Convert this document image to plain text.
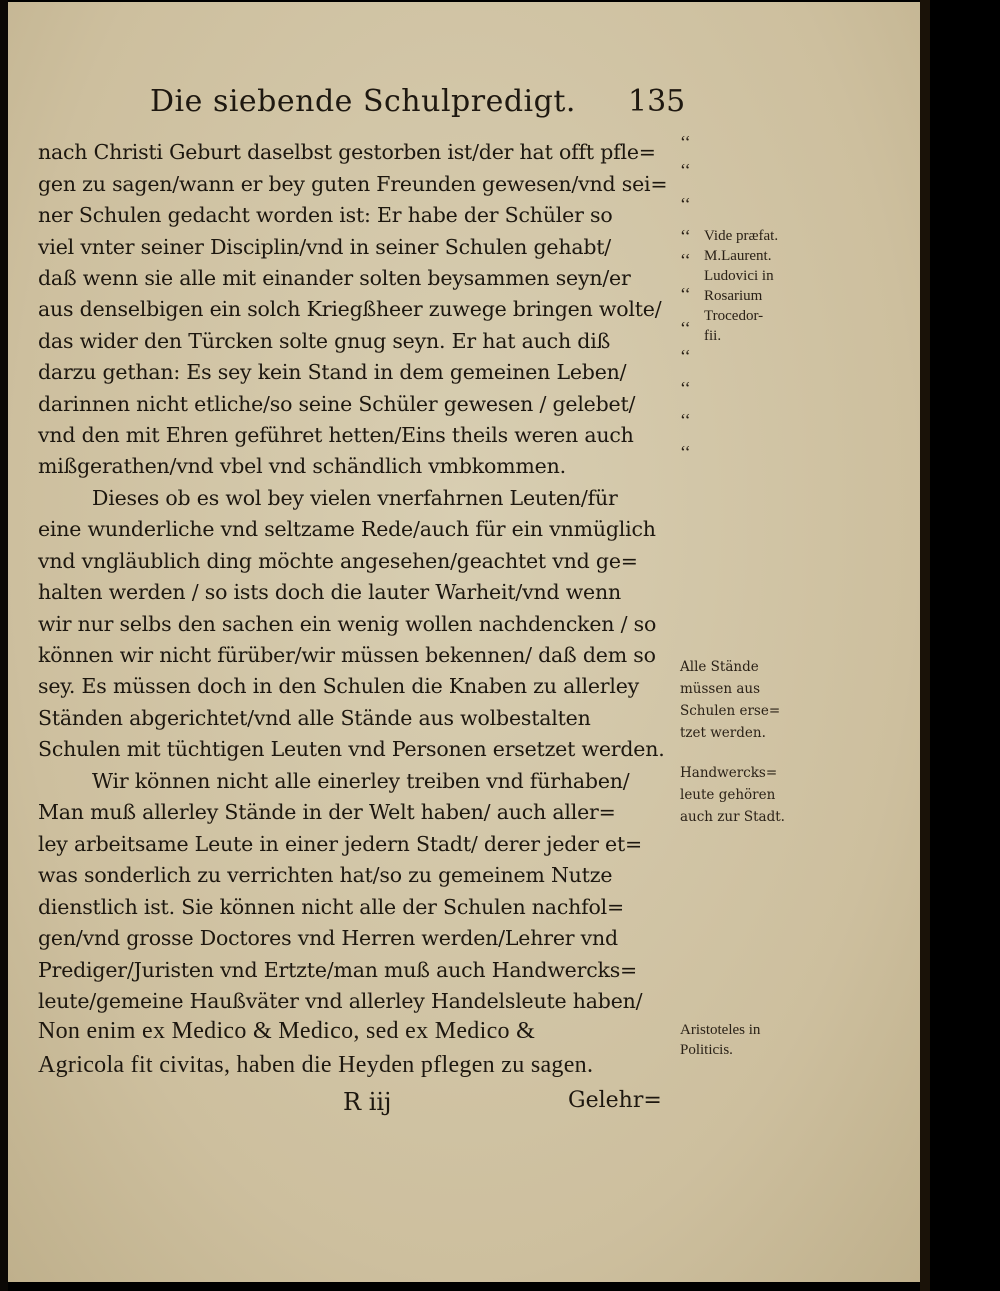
Die siebende Schulpredigt. 135
nach Christi Geburt daselbst gestorben ist/der hat offt pfle=
gen zu sagen/wann er bey guten Freunden gewesen/vnd sei=
ner Schulen gedacht worden ist: Er habe der Schüler so
viel vnter seiner Disciplin/vnd in seiner Schulen gehabt/
daß wenn sie alle mit einander solten beysammen seyn/er
aus denselbigen ein solch Kriegßheer zuwege bringen wolte/
das wider den Türcken solte gnug seyn. Er hat auch diß
darzu gethan: Es sey kein Stand in dem gemeinen Leben/
darinnen nicht etliche/so seine Schüler gewesen / gelebet/
vnd den mit Ehren geführet hetten/Eins theils weren auch
mißgerathen/vnd vbel vnd schändlich vmbkommen.
Dieses ob es wol bey vielen vnerfahrnen Leuten/für
eine wunderliche vnd seltzame Rede/auch für ein vnmüglich
vnd vngläublich ding möchte angesehen/geachtet vnd ge=
halten werden / so ists doch die lauter Warheit/vnd wenn
wir nur selbs den sachen ein wenig wollen nachdencken / so
können wir nicht fürüber/wir müssen bekennen/ daß dem so
sey. Es müssen doch in den Schulen die Knaben zu allerley
Ständen abgerichtet/vnd alle Stände aus wolbestalten
Schulen mit tüchtigen Leuten vnd Personen ersetzet werden.
Wir können nicht alle einerley treiben vnd fürhaben/
Man muß allerley Stände in der Welt haben/ auch aller=
ley arbeitsame Leute in einer jedern Stadt/ derer jeder et=
was sonderlich zu verrichten hat/so zu gemeinem Nutze
dienstlich ist. Sie können nicht alle der Schulen nachfol=
gen/vnd grosse Doctores vnd Herren werden/Lehrer vnd
Prediger/Juristen vnd Ertzte/man muß auch Handwercks=
leute/gemeine Haußväter vnd allerley Handelsleute haben/
Non enim ex Medico & Medico, sed ex Medico &
Agricola fit civitas, haben die Heyden pflegen zu sagen.
‘‘
‘‘
‘‘
‘‘
‘‘
‘‘
‘‘
‘‘
‘‘
‘‘
‘‘
Vide præfat.
M.Laurent.
Ludovici in
Rosarium
Trocedor-
fii.
Alle Stände
müssen aus
Schulen erse=
tzet werden.
Handwercks=
leute gehören
auch zur Stadt.
Aristoteles in
Politicis.
R iij	Gelehr=
